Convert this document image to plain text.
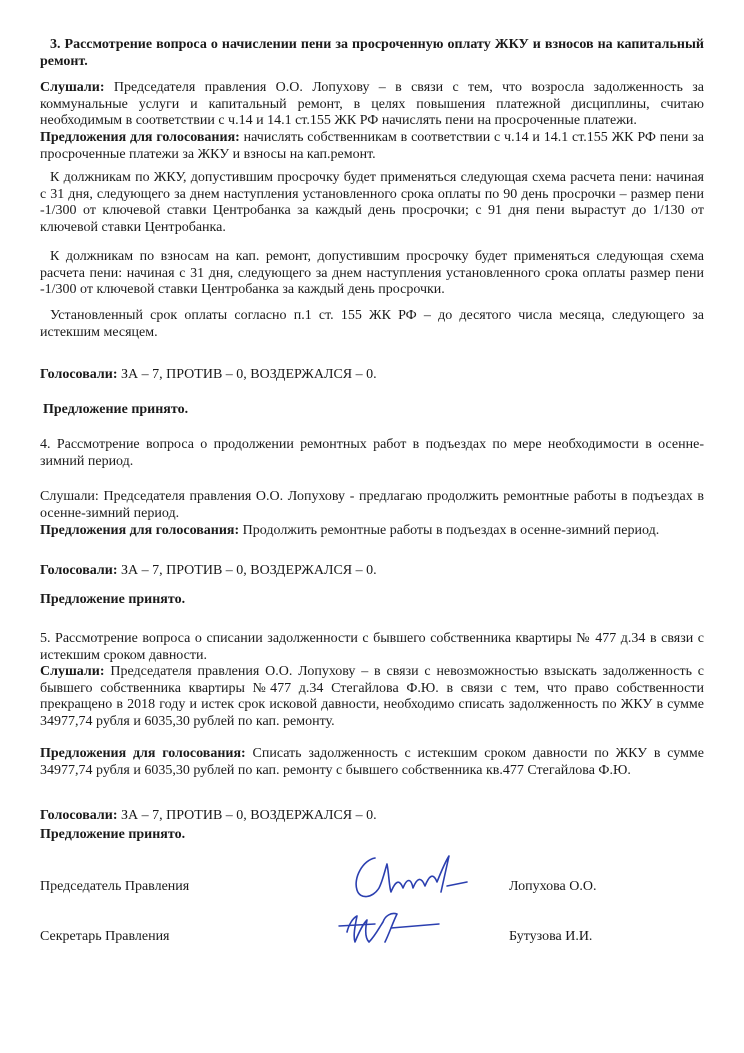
3. Рассмотрение вопроса о начислении пени за просроченную оплату ЖКУ и взносов на капитальный ремонт.

Слушали: Председателя правления О.О. Лопухову – в связи с тем, что возросла задолженность за коммунальные услуги и капитальный ремонт, в целях повышения платежной дисциплины, считаю необходимым в соответствии с ч.14 и 14.1 ст.155 ЖК РФ начислять пени на просроченные платежи.

Предложения для голосования: начислять собственникам в соответствии с ч.14 и 14.1 ст.155 ЖК РФ пени за просроченные платежи за ЖКУ и взносы на кап.ремонт.

К должникам по ЖКУ, допустившим просрочку будет применяться следующая схема расчета пени: начиная с 31 дня, следующего за днем наступления установленного срока оплаты по 90 день просрочки – размер пени -1/300 от ключевой ставки Центробанка за каждый день просрочки; с 91 дня пени вырастут до 1/130 от ключевой ставки Центробанка.

К должникам по взносам на кап. ремонт, допустившим просрочку будет применяться следующая схема расчета пени: начиная с 31 дня, следующего за днем наступления установленного срока оплаты размер пени -1/300 от ключевой ставки Центробанка за каждый день просрочки.

Установленный срок оплаты согласно п.1 ст. 155 ЖК РФ – до десятого числа месяца, следующего за истекшим месяцем.

Голосовали: ЗА – 7, ПРОТИВ – 0, ВОЗДЕРЖАЛСЯ – 0.

Предложение принято.

4. Рассмотрение вопроса о продолжении ремонтных работ в подъездах по мере необходимости в осенне-зимний период.

Слушали: Председателя правления О.О. Лопухову - предлагаю продолжить ремонтные работы в подъездах в осенне-зимний период.

Предложения для голосования: Продолжить ремонтные работы в подъездах в осенне-зимний период.

Голосовали: ЗА – 7, ПРОТИВ – 0, ВОЗДЕРЖАЛСЯ – 0.

Предложение принято.

5. Рассмотрение вопроса о списании задолженности с бывшего собственника квартиры № 477 д.34 в связи с истекшим сроком давности.

Слушали: Председателя правления О.О. Лопухову – в связи с невозможностью взыскать задолженность с бывшего собственника квартиры №477 д.34 Стегайлова Ф.Ю. в связи с тем, что право собственности прекращено в 2018 году и истек срок исковой давности, необходимо списать задолженность по ЖКУ в сумме 34977,74 рубля и 6035,30 рублей по кап. ремонту.

Предложения для голосования: Списать задолженность с истекшим сроком давности по ЖКУ в сумме 34977,74 рубля и 6035,30 рублей по кап. ремонту с бывшего собственника кв.477 Стегайлова Ф.Ю.

Голосовали: ЗА – 7, ПРОТИВ – 0, ВОЗДЕРЖАЛСЯ – 0.

Предложение принято.

Председатель Правления	Лопухова О.О.
Секретарь Правления	Бутузова И.И.
